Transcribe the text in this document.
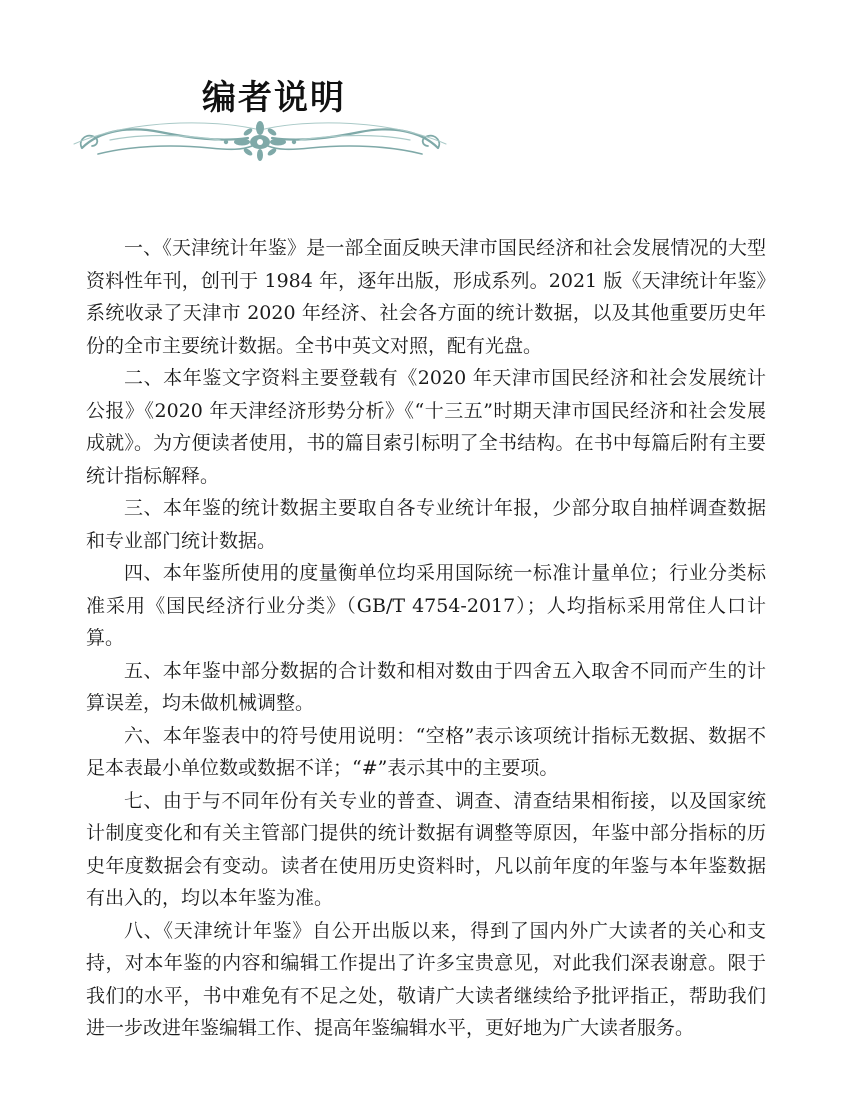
编者说明

一、《天津统计年鉴》是一部全面反映天津市国民经济和社会发展情况的大型资料性年刊，创刊于 1984 年，逐年出版，形成系列。2021 版《天津统计年鉴》系统收录了天津市 2020 年经济、社会各方面的统计数据，以及其他重要历史年份的全市主要统计数据。全书中英文对照，配有光盘。

二、本年鉴文字资料主要登载有《2020 年天津市国民经济和社会发展统计公报》《2020 年天津经济形势分析》《“十三五”时期天津市国民经济和社会发展成就》。为方便读者使用，书的篇目索引标明了全书结构。在书中每篇后附有主要统计指标解释。

三、本年鉴的统计数据主要取自各专业统计年报，少部分取自抽样调查数据和专业部门统计数据。

四、本年鉴所使用的度量衡单位均采用国际统一标准计量单位；行业分类标准采用《国民经济行业分类》（GB/T 4754-2017）；人均指标采用常住人口计算。

五、本年鉴中部分数据的合计数和相对数由于四舍五入取舍不同而产生的计算误差，均未做机械调整。

六、本年鉴表中的符号使用说明：“空格”表示该项统计指标无数据、数据不足本表最小单位数或数据不详；“#”表示其中的主要项。

七、由于与不同年份有关专业的普查、调查、清查结果相衔接，以及国家统计制度变化和有关主管部门提供的统计数据有调整等原因，年鉴中部分指标的历史年度数据会有变动。读者在使用历史资料时，凡以前年度的年鉴与本年鉴数据有出入的，均以本年鉴为准。

八、《天津统计年鉴》自公开出版以来，得到了国内外广大读者的关心和支持，对本年鉴的内容和编辑工作提出了许多宝贵意见，对此我们深表谢意。限于我们的水平，书中难免有不足之处，敬请广大读者继续给予批评指正，帮助我们进一步改进年鉴编辑工作、提高年鉴编辑水平，更好地为广大读者服务。
